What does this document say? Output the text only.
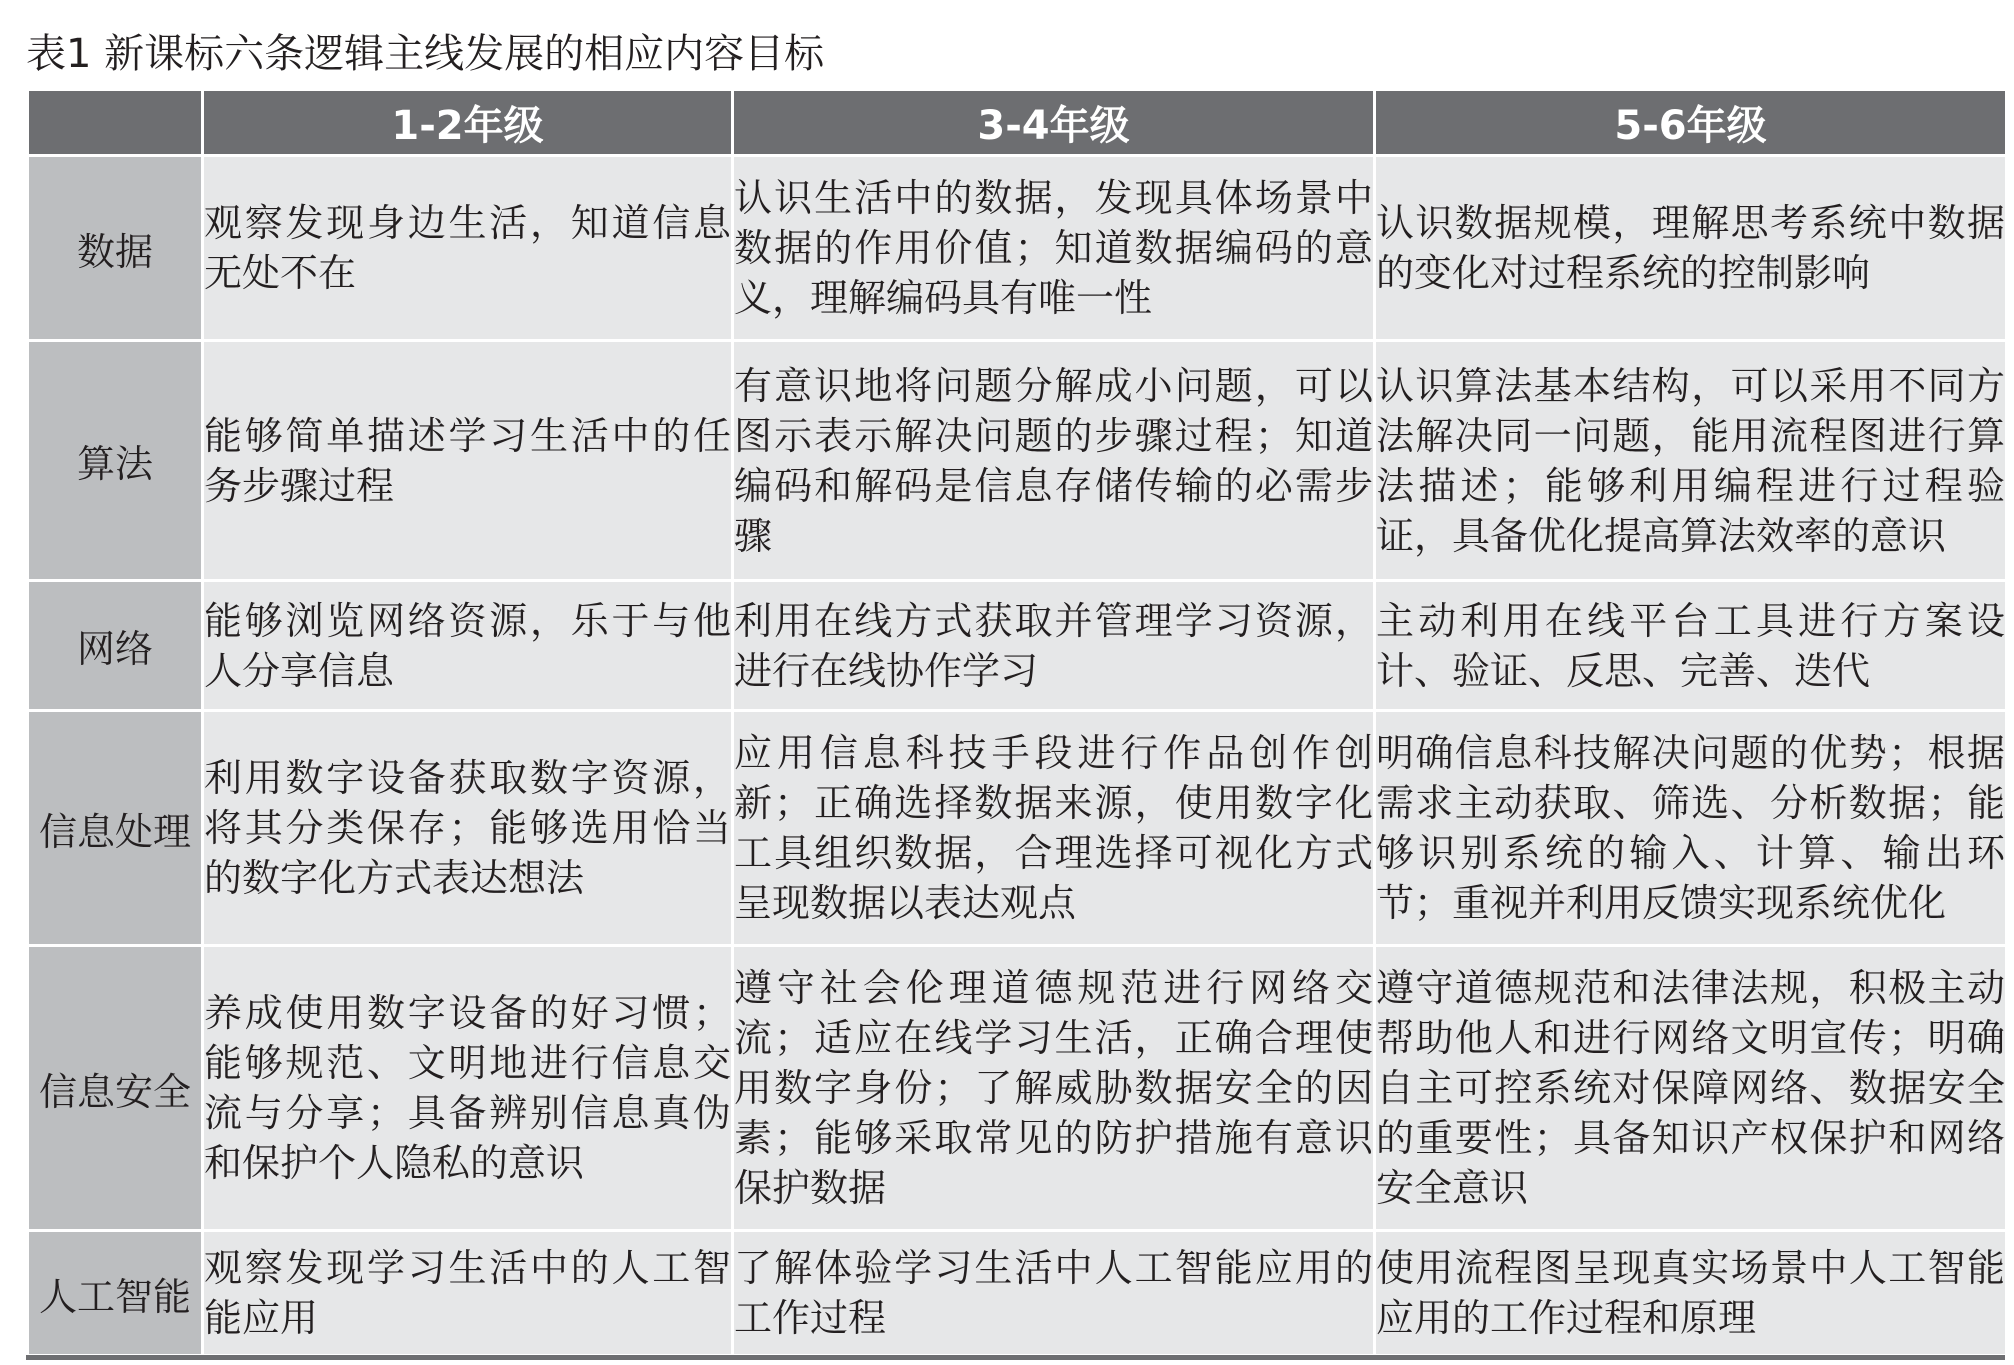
表1 新课标六条逻辑主线发展的相应内容目标
	1-2年级	3-4年级	5-6年级
数据	观察发现身边生活，知道信息无处不在	认识生活中的数据，发现具体场景中数据的作用价值；知道数据编码的意义，理解编码具有唯一性	认识数据规模，理解思考系统中数据的变化对过程系统的控制影响
算法	能够简单描述学习生活中的任务步骤过程	有意识地将问题分解成小问题，可以图示表示解决问题的步骤过程；知道编码和解码是信息存储传输的必需步骤	认识算法基本结构，可以采用不同方法解决同一问题，能用流程图进行算法描述；能够利用编程进行过程验证，具备优化提高算法效率的意识
网络	能够浏览网络资源，乐于与他人分享信息	利用在线方式获取并管理学习资源，进行在线协作学习	主动利用在线平台工具进行方案设计、验证、反思、完善、迭代
信息处理	利用数字设备获取数字资源，将其分类保存；能够选用恰当的数字化方式表达想法	应用信息科技手段进行作品创作创新；正确选择数据来源，使用数字化工具组织数据，合理选择可视化方式呈现数据以表达观点	明确信息科技解决问题的优势；根据需求主动获取、筛选、分析数据；能够识别系统的输入、计算、输出环节；重视并利用反馈实现系统优化
信息安全	养成使用数字设备的好习惯；能够规范、文明地进行信息交流与分享；具备辨别信息真伪和保护个人隐私的意识	遵守社会伦理道德规范进行网络交流；适应在线学习生活，正确合理使用数字身份；了解威胁数据安全的因素；能够采取常见的防护措施有意识保护数据	遵守道德规范和法律法规，积极主动帮助他人和进行网络文明宣传；明确自主可控系统对保障网络、数据安全的重要性；具备知识产权保护和网络安全意识
人工智能	观察发现学习生活中的人工智能应用	了解体验学习生活中人工智能应用的工作过程	使用流程图呈现真实场景中人工智能应用的工作过程和原理
